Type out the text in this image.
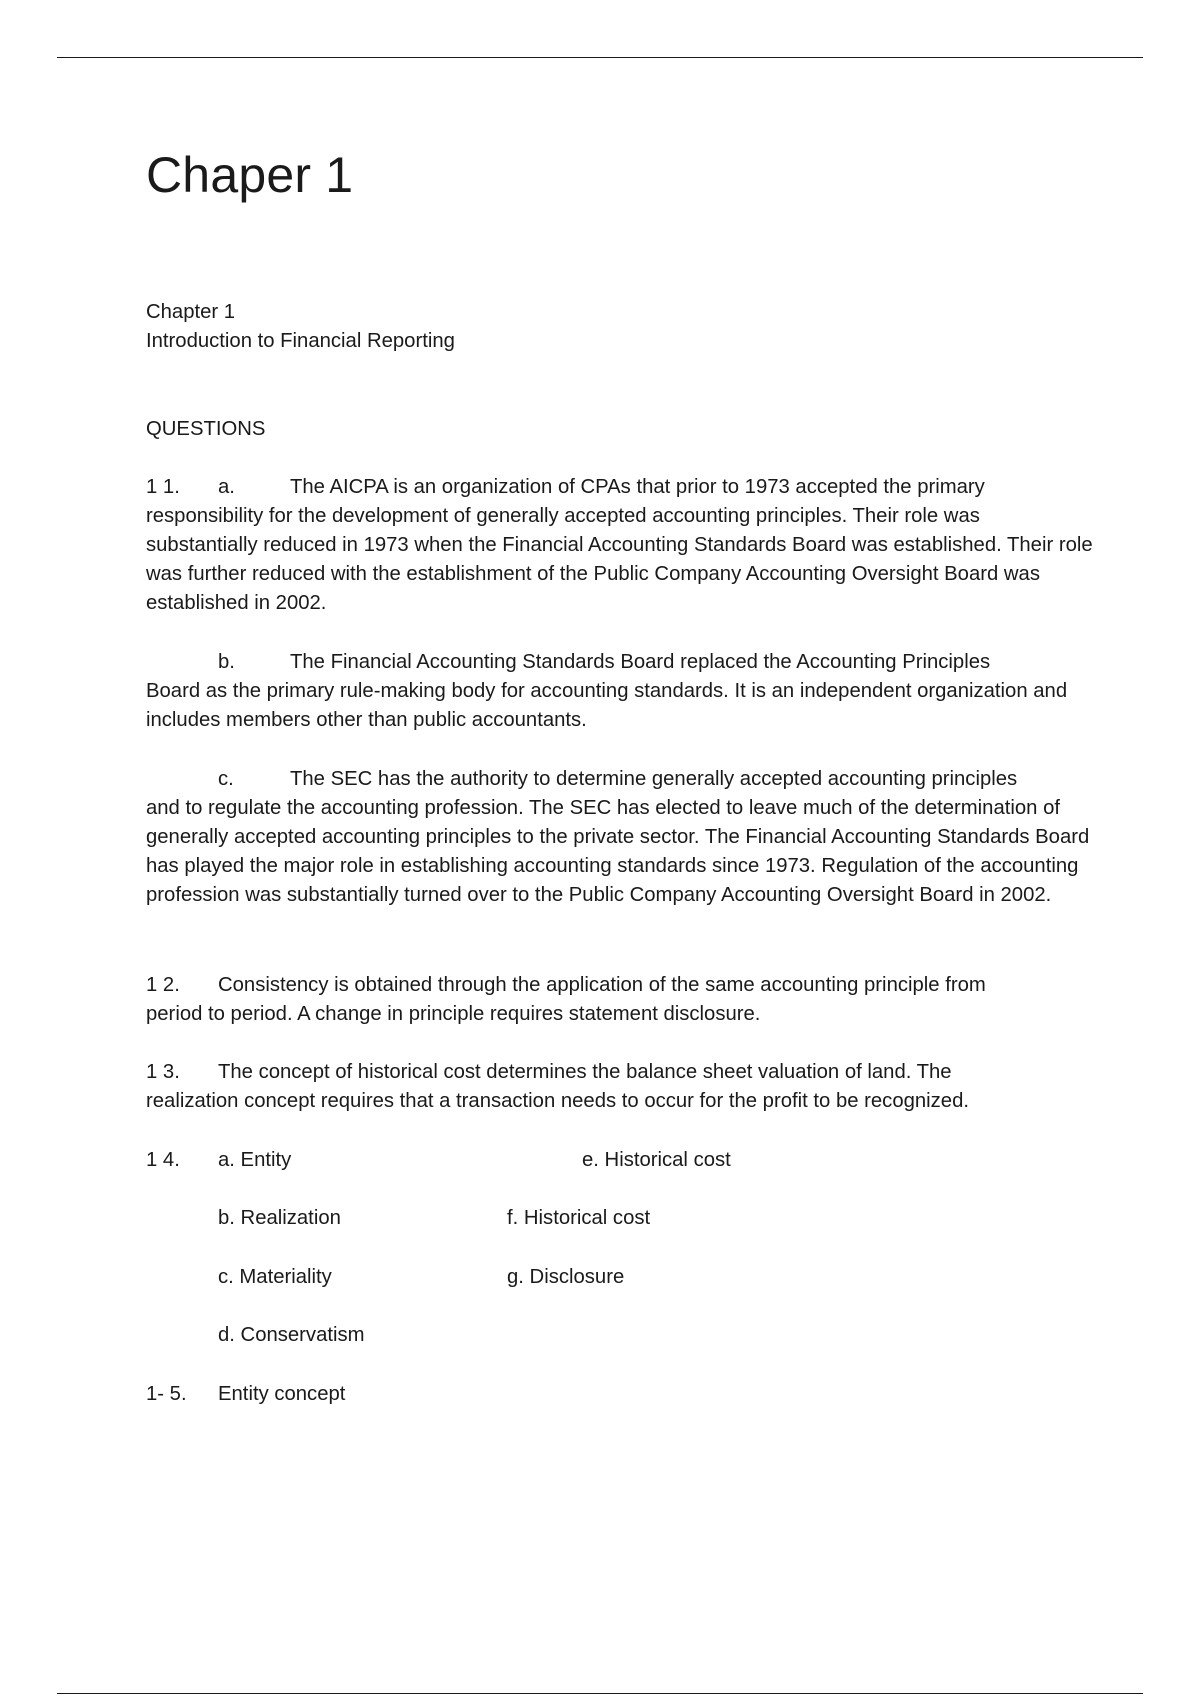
Chaper 1

Chapter 1

Introduction to Financial Reporting

QUESTIONS

1 1. a.	The AICPA is an organization of CPAs that prior to 1973 accepted the primary
responsibility for the development of generally accepted accounting principles. Their role was substantially reduced in 1973 when the Financial Accounting Standards Board was established. Their role was further reduced with the establishment of the Public Company Accounting Oversight Board was established in 2002.

b.	The Financial Accounting Standards Board replaced the Accounting Principles
Board as the primary rule-making body for accounting standards. It is an independent organization and includes members other than public accountants.

c.	The SEC has the authority to determine generally accepted accounting principles
and to regulate the accounting profession. The SEC has elected to leave much of the determination of generally accepted accounting principles to the private sector. The Financial Accounting Standards Board has played the major role in establishing accounting standards since 1973. Regulation of the accounting profession was substantially turned over to the Public Company Accounting Oversight Board in 2002.

1 2. Consistency is obtained through the application of the same accounting principle from
period to period. A change in principle requires statement disclosure.

1 3. The concept of historical cost determines the balance sheet valuation of land. The
realization concept requires that a transaction needs to occur for the profit to be recognized.

1 4. a. Entity	e. Historical cost
b. Realization	f. Historical cost
c. Materiality	g. Disclosure
d. Conservatism

1- 5. Entity concept
